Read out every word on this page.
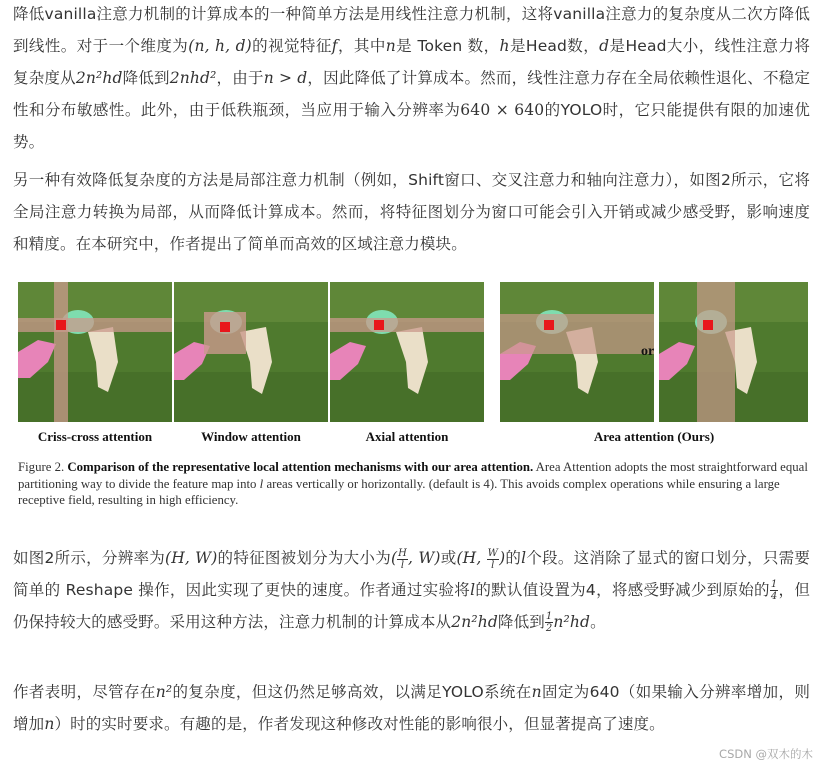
降低vanilla注意力机制的计算成本的一种简单方法是用线性注意力机制，这将vanilla注意力的复杂度从二次方降低到线性。对于一个维度为(n, h, d)的视觉特征f，其中n是 Token 数，h是Head数，d是Head大小，线性注意力将复杂度从2n²hd降低到2nhd²，由于n > d，因此降低了计算成本。然而，线性注意力存在全局依赖性退化、不稳定性和分布敏感性。此外，由于低秩瓶颈，当应用于输入分辨率为640 × 640的YOLO时，它只能提供有限的加速优势。

另一种有效降低复杂度的方法是局部注意力机制（例如，Shift窗口、交叉注意力和轴向注意力），如图2所示，它将全局注意力转换为局部，从而降低计算成本。然而，将特征图划分为窗口可能会引入开销或减少感受野，影响速度和精度。在本研究中，作者提出了简单而高效的区域注意力模块。

or
Criss-cross attention	Window attention	Axial attention	Area attention (Ours)
Figure 2. Comparison of the representative local attention mechanisms with our area attention. Area Attention adopts the most straightforward equal partitioning way to divide the feature map into l areas vertically or horizontally. (default is 4). This avoids complex operations while ensuring a large receptive field, resulting in high efficiency.

如图2所示，分辨率为(H, W)的特征图被划分为大小为( $\frac{H}{l}$ , W)或(H, $\frac{W}{l}$ )的l个段。这消除了显式的窗口划分，只需要简单的 Reshape 操作，因此实现了更快的速度。作者通过实验将l的默认值设置为4，将感受野减少到原始的 $\frac{1}{4}$ ，但仍保持较大的感受野。采用这种方法，注意力机制的计算成本从2n²hd降低到 $\frac{1}{2} n^2hd$。

作者表明，尽管存在n²的复杂度，但这仍然足够高效，以满足YOLO系统在n固定为640（如果输入分辨率增加，则增加n）时的实时要求。有趣的是，作者发现这种修改对性能的影响很小，但显著提高了速度。

CSDN @双木的木
